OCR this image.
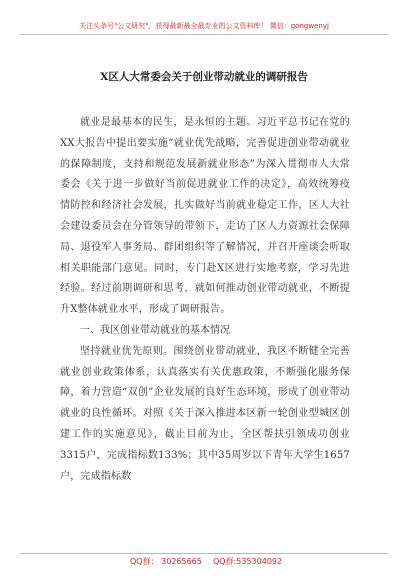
关注头条号"公文研究"，获得最新最全最专业的公文资料库！ 微信：gongwenyj
X区人大常委会关于创业带动就业的调研报告

就业是最基本的民生，是永恒的主题。习近平总书记在党的XX大报告中提出要实施“就业优先战略，完善促进创业带动就业的保障制度，支持和规范发展新就业形态”为深入贯彻市人大常委会《关于进一步做好当前促进就业工作的决定》，高效统筹疫情防控和经济社会发展，扎实做好当前就业稳定工作，区人大社会建设委员会在分管领导的带领下，走访了区人力资源社会保障局、退役军人事务局、群团组织等了解情况，并召开座谈会听取相关职能部门意见。同时，专门赴X区进行实地考察，学习先进经验。经过前期调研和思考，就如何推动创业带动就业，不断提升X整体就业水平，形成了调研报告。

一、我区创业带动就业的基本情况

坚持就业优先原则。围绕创业带动就业，我区不断健全完善就业创业政策体系，认真落实有关优惠政策，不断强化服务保障，着力营造“双创”企业发展的良好生态环境，形成了创业带动就业的良性循环。对照《关于深入推进本区新一轮创业型城区创建工作的实施意见》，截止目前为止，全区帮扶引领成功创业3315户，完成指标数133%；其中35周岁以下青年大学生1657户，完成指标数

QQ群： 30265665 QQ群:535304092
